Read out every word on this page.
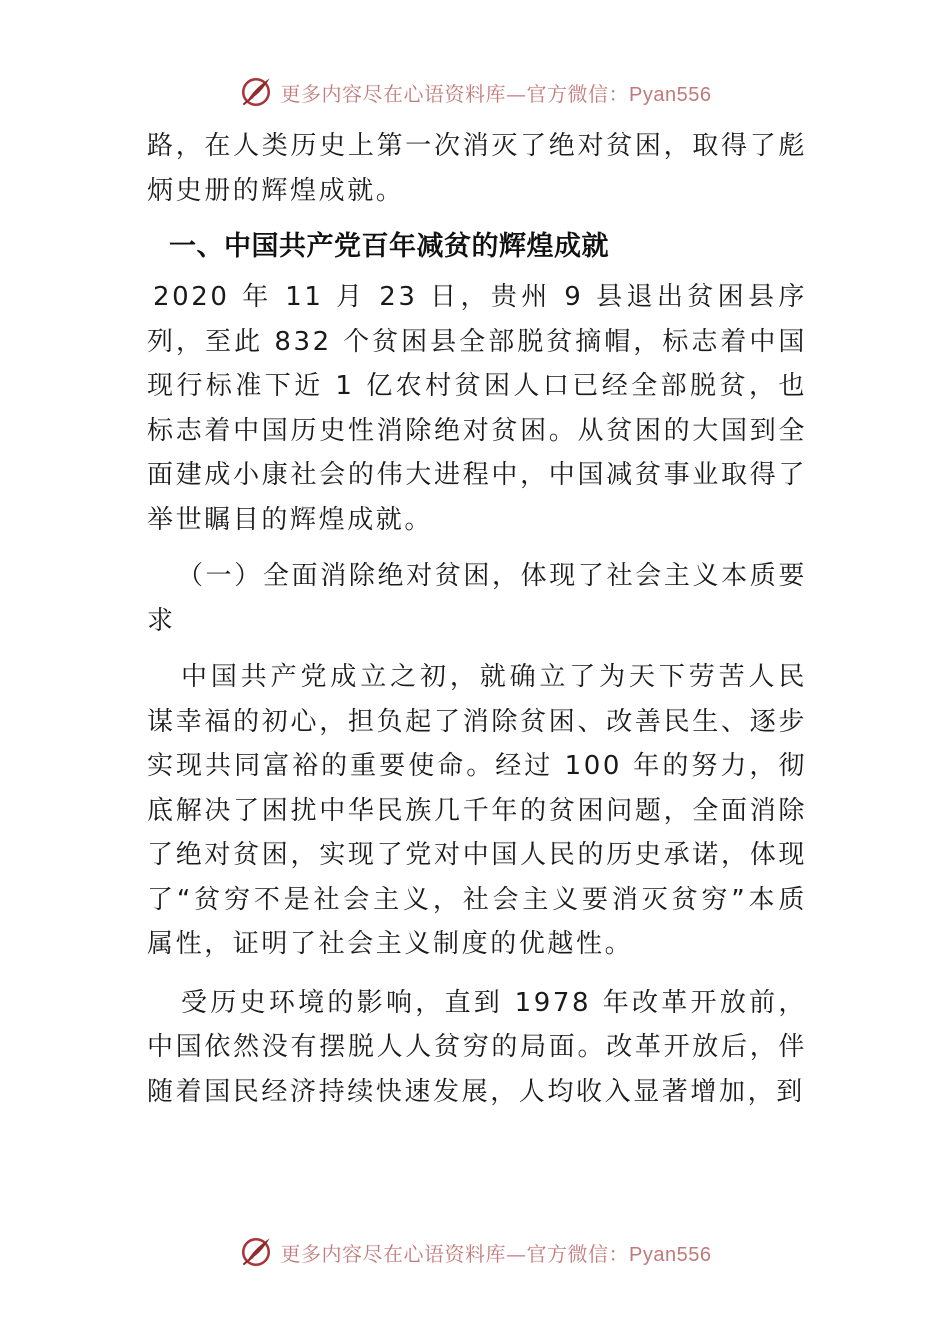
更多内容尽在心语资料库—官方微信：Pyan556

路，在人类历史上第一次消灭了绝对贫困，取得了彪炳史册的辉煌成就。

一、中国共产党百年减贫的辉煌成就

2020 年 11 月 23 日，贵州 9 县退出贫困县序列，至此 832 个贫困县全部脱贫摘帽，标志着中国现行标准下近 1 亿农村贫困人口已经全部脱贫，也标志着中国历史性消除绝对贫困。从贫困的大国到全面建成小康社会的伟大进程中，中国减贫事业取得了举世瞩目的辉煌成就。

（一）全面消除绝对贫困，体现了社会主义本质要求

中国共产党成立之初，就确立了为天下劳苦人民谋幸福的初心，担负起了消除贫困、改善民生、逐步实现共同富裕的重要使命。经过 100 年的努力，彻底解决了困扰中华民族几千年的贫困问题，全面消除了绝对贫困，实现了党对中国人民的历史承诺，体现了“贫穷不是社会主义，社会主义要消灭贫穷”本质属性，证明了社会主义制度的优越性。

受历史环境的影响，直到 1978 年改革开放前，中国依然没有摆脱人人贫穷的局面。改革开放后，伴随着国民经济持续快速发展，人均收入显著增加，到

更多内容尽在心语资料库—官方微信：Pyan556
